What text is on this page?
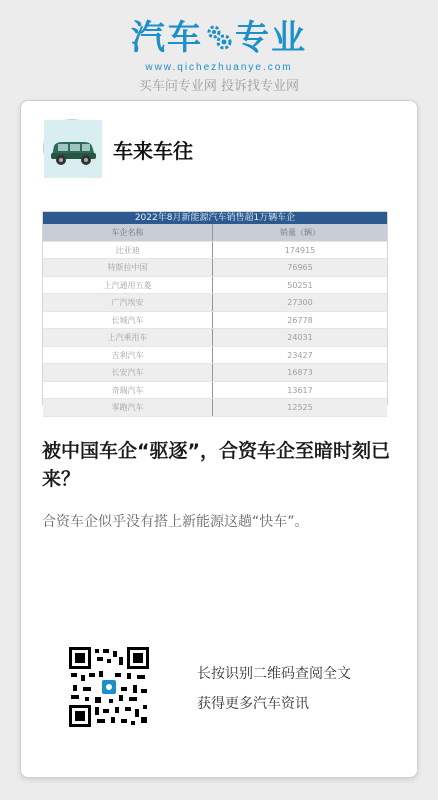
汽车 专业
www.qichezhuanye.com
买车问专业网 投诉找专业网
车来车往
2022年8月新能源汽车销售超1万辆车企
车企名称	销量（辆）
比亚迪	174915
特斯拉中国	76965
上汽通用五菱	50251
广汽埃安	27300
长城汽车	26778
上汽乘用车	24031
吉利汽车	23427
长安汽车	16873
奇瑞汽车	13617
零跑汽车	12525
被中国车企“驱逐”，合资车企至暗时刻已来？
合资车企似乎没有搭上新能源这趟“快车”。
长按识别二维码查阅全文
获得更多汽车资讯
